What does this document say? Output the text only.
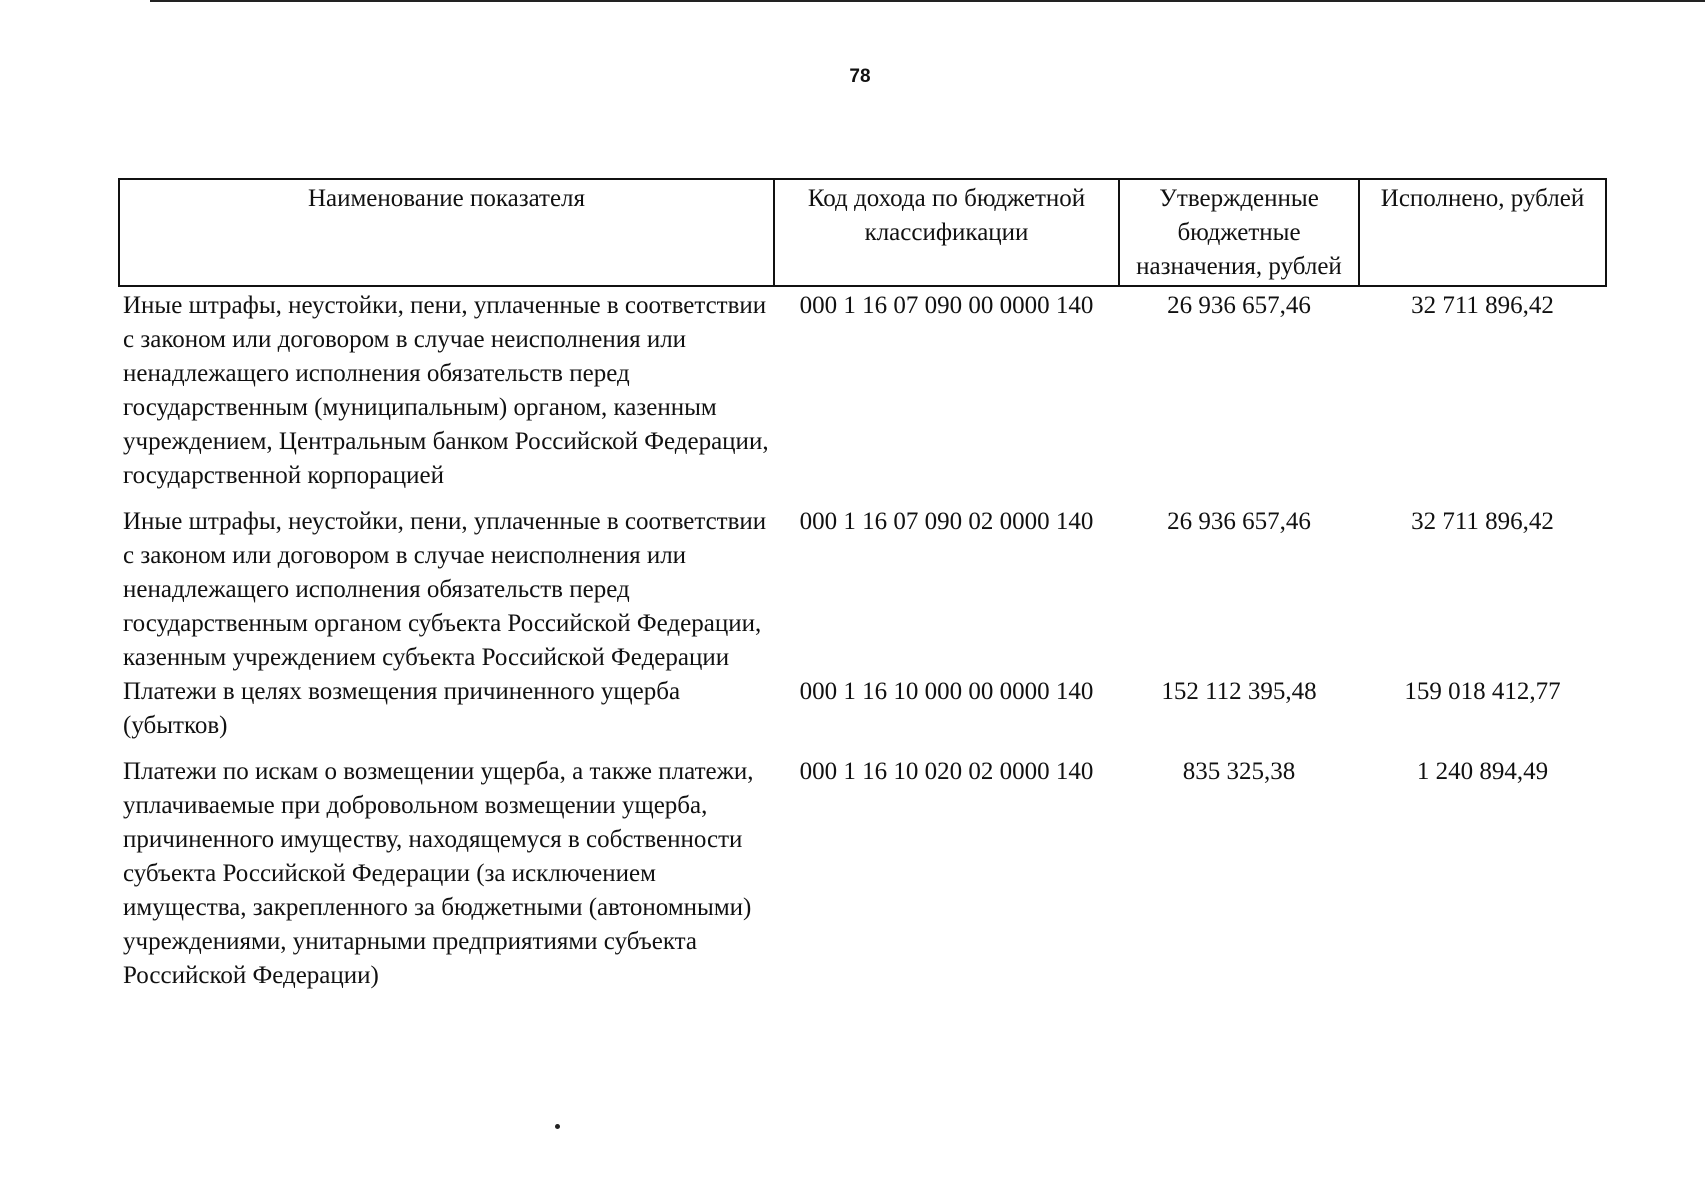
78
Наименование показателя	Код дохода по бюджетной классификации	Утвержденные бюджетные назначения, рублей	Исполнено, рублей
Иные штрафы, неустойки, пени, уплаченные в соответствии с законом или договором в случае неисполнения или ненадлежащего исполнения обязательств перед государственным (муниципальным) органом, казенным учреждением, Центральным банком Российской Федерации, государственной корпорацией	000 1 16 07 090 00 0000 140	26 936 657,46	32 711 896,42
Иные штрафы, неустойки, пени, уплаченные в соответствии с законом или договором в случае неисполнения или ненадлежащего исполнения обязательств перед государственным органом субъекта Российской Федерации, казенным учреждением субъекта Российской Федерации	000 1 16 07 090 02 0000 140	26 936 657,46	32 711 896,42
Платежи в целях возмещения причиненного ущерба (убытков)	000 1 16 10 000 00 0000 140	152 112 395,48	159 018 412,77
Платежи по искам о возмещении ущерба, а также платежи, уплачиваемые при добровольном возмещении ущерба, причиненного имуществу, находящемуся в собственности субъекта Российской Федерации (за исключением имущества, закрепленного за бюджетными (автономными) учреждениями, унитарными предприятиями субъекта Российской Федерации)	000 1 16 10 020 02 0000 140	835 325,38	1 240 894,49
